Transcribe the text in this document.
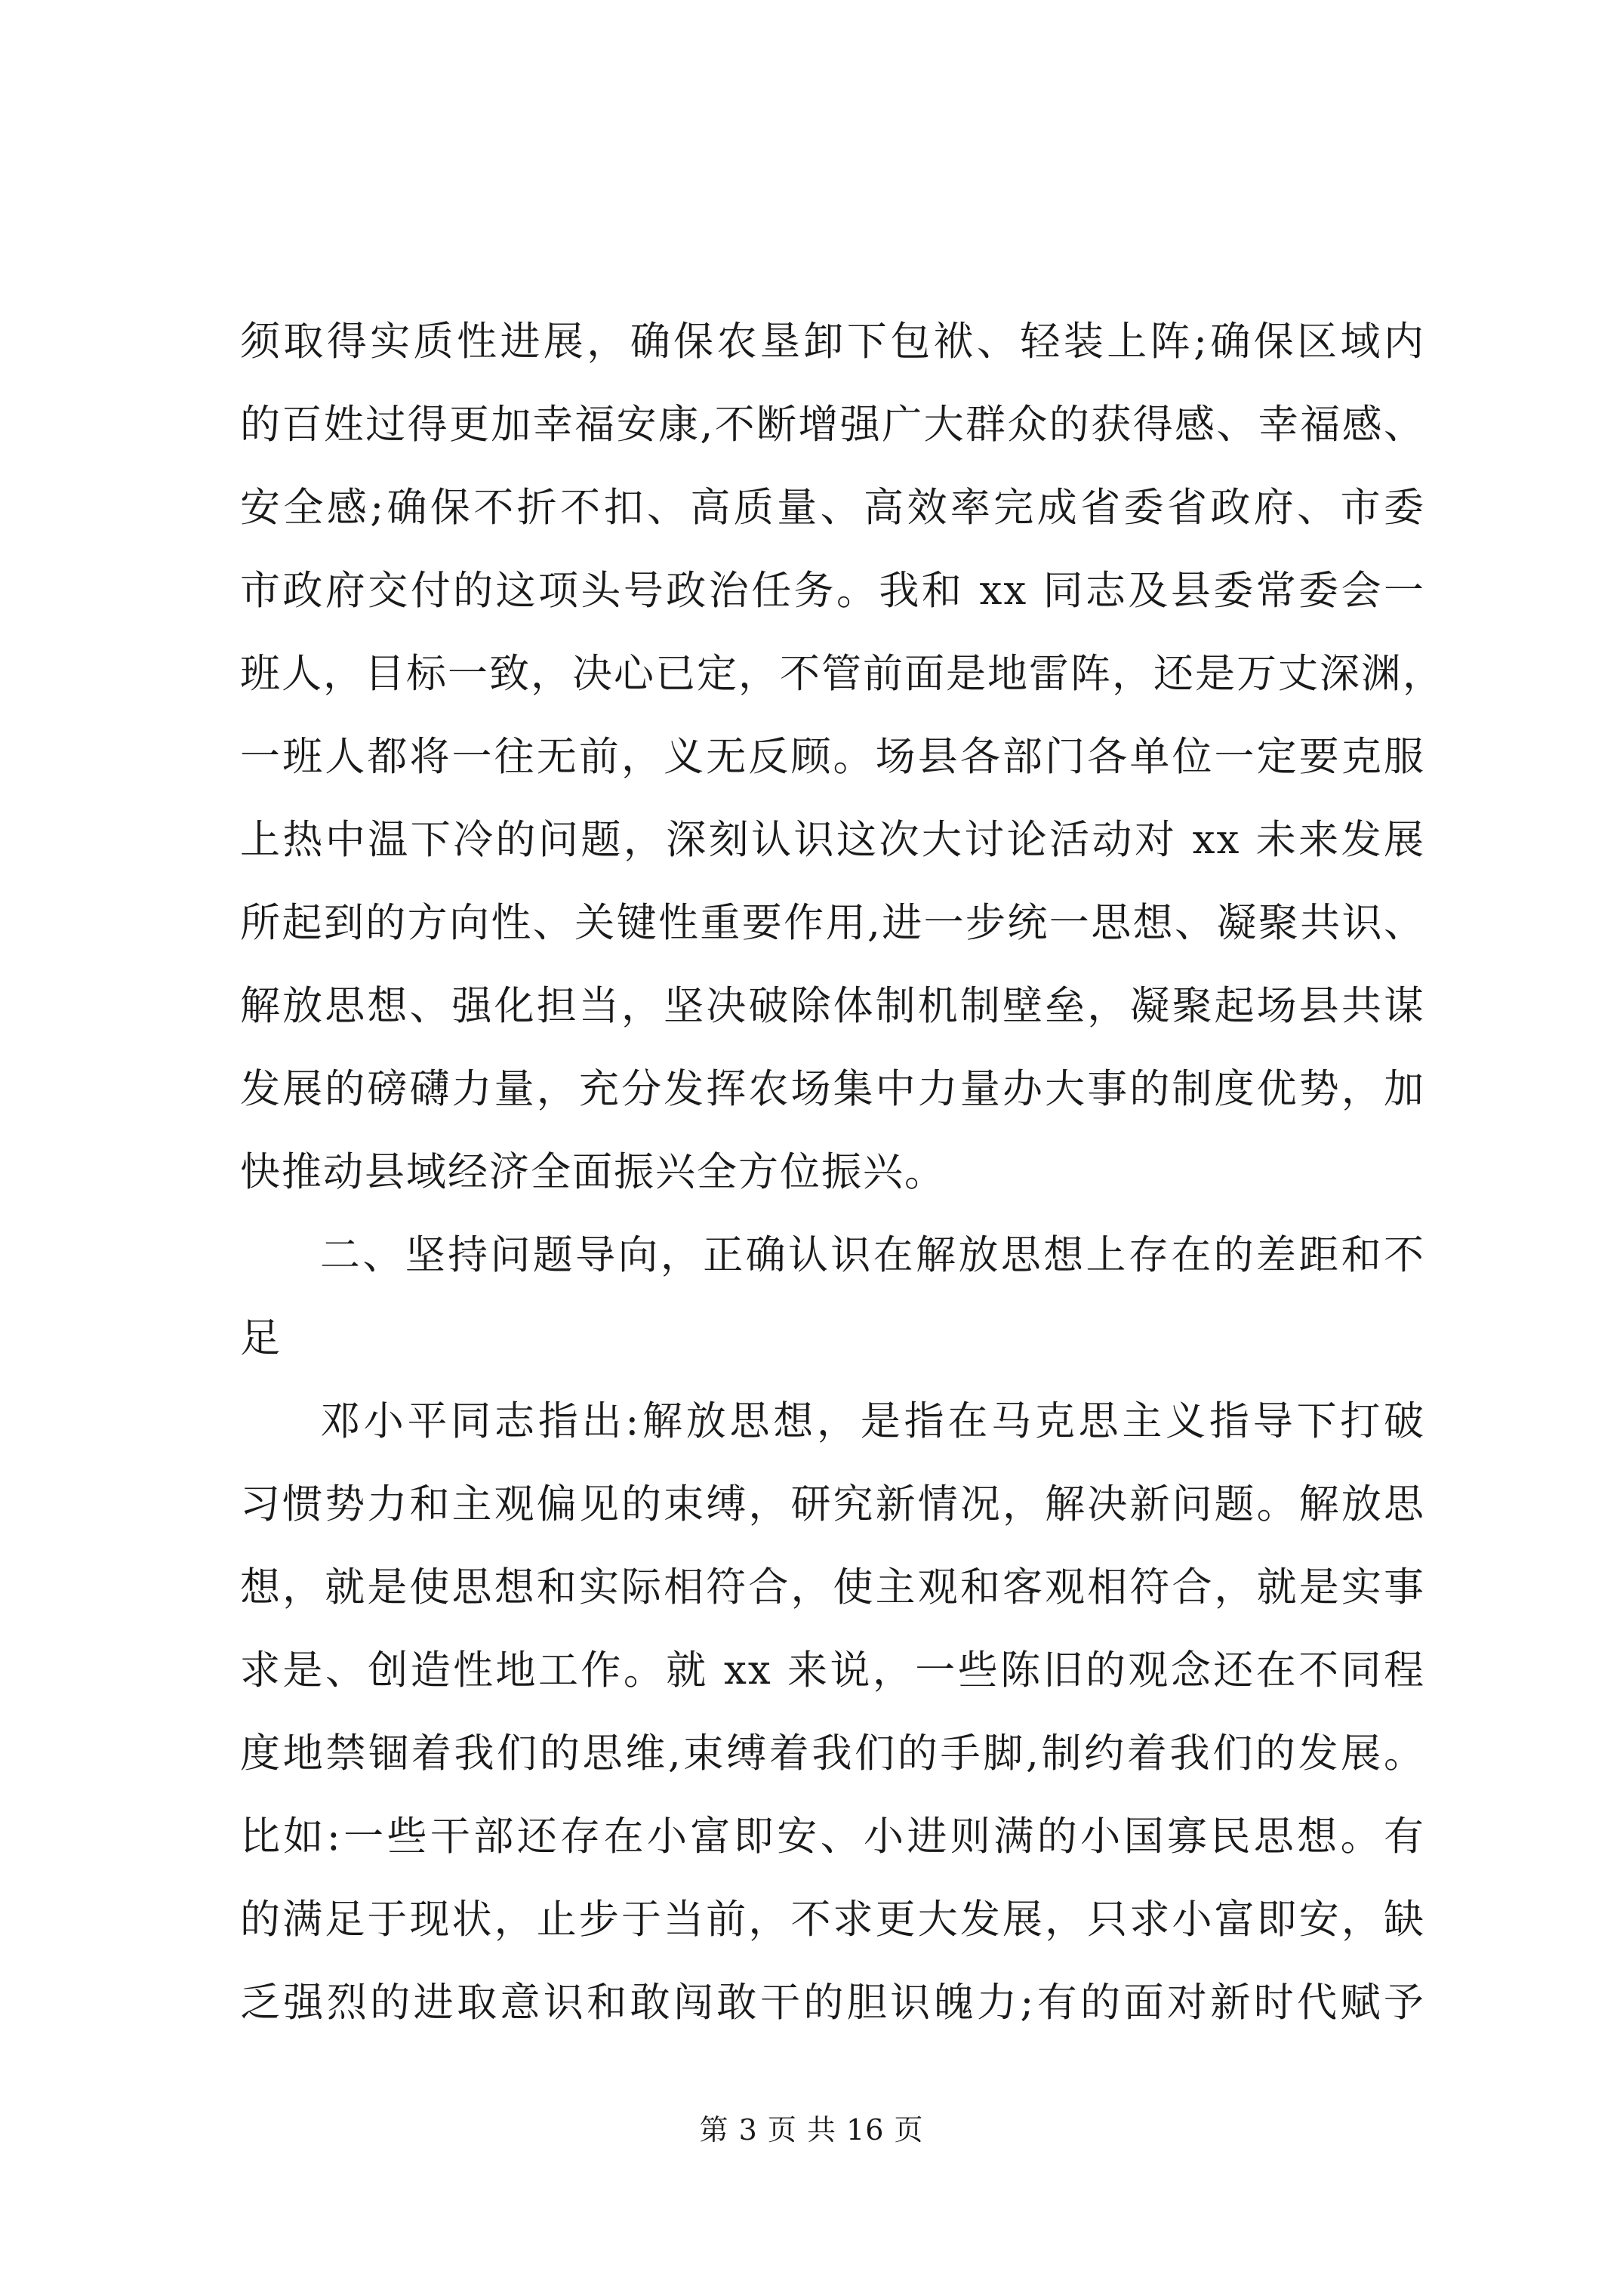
须取得实质性进展，确保农垦卸下包袱、轻装上阵;确保区域内
的百姓过得更加幸福安康,不断增强广大群众的获得感、幸福感、
安全感;确保不折不扣、高质量、高效率完成省委省政府、市委
市政府交付的这项头号政治任务。我和 xx 同志及县委常委会一
班人，目标一致，决心已定，不管前面是地雷阵，还是万丈深渊，
一班人都将一往无前，义无反顾。场县各部门各单位一定要克服
上热中温下冷的问题，深刻认识这次大讨论活动对 xx 未来发展
所起到的方向性、关键性重要作用,进一步统一思想、凝聚共识、
解放思想、强化担当，坚决破除体制机制壁垒，凝聚起场县共谋
发展的磅礴力量，充分发挥农场集中力量办大事的制度优势，加
快推动县域经济全面振兴全方位振兴。
二、坚持问题导向，正确认识在解放思想上存在的差距和不
足
邓小平同志指出:解放思想，是指在马克思主义指导下打破
习惯势力和主观偏见的束缚，研究新情况，解决新问题。解放思
想，就是使思想和实际相符合，使主观和客观相符合，就是实事
求是、创造性地工作。就 xx 来说，一些陈旧的观念还在不同程
度地禁锢着我们的思维,束缚着我们的手脚,制约着我们的发展。
比如:一些干部还存在小富即安、小进则满的小国寡民思想。有
的满足于现状，止步于当前，不求更大发展，只求小富即安，缺
乏强烈的进取意识和敢闯敢干的胆识魄力;有的面对新时代赋予
第 3 页 共 16 页
